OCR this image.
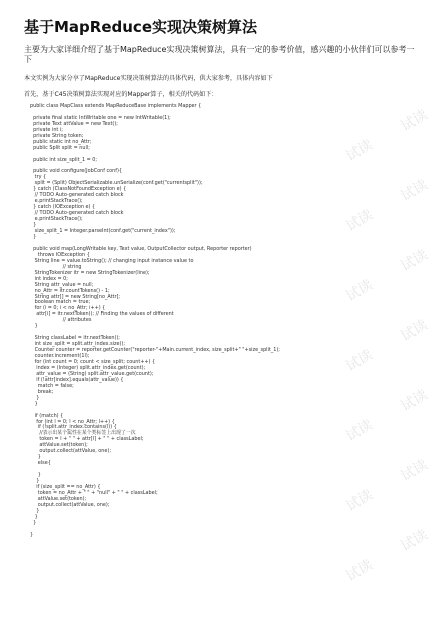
基于MapReduce实现决策树算法
主要为大家详细介绍了基于MapReduce实现决策树算法，具有一定的参考价值，感兴趣的小伙伴们可以参考一下
本文实例为大家分享了MapReduce实现决策树算法的具体代码，供大家参考，具体内容如下
首先，基于C45决策树算法实现对应的Mapper算子，相关的代码如下：
public class MapClass extends MapReduceBase implements Mapper {

private final static IntWritable one = new IntWritable(1);
private Text attValue = new Text();
private int i;
private String token;
public static int no_Attr;
public Split split = null;

public int size_split_1 = 0;

public void configure(JobConf conf){
try {
split = (Split) ObjectSerializable.unSerialize(conf.get("currentsplit"));
} catch (ClassNotFoundException e) {
// TODO Auto-generated catch block
e.printStackTrace();
} catch (IOException e) {
// TODO Auto-generated catch block
e.printStackTrace();
}
size_split_1 = Integer.parseInt(conf.get("current_index"));
}

public void map(LongWritable key, Text value, OutputCollector output, Reporter reporter)
throws IOException {
String line = value.toString(); // changing input instance value to
// string
StringTokenizer itr = new StringTokenizer(line);
int index = 0;
String attr_value = null;
no_Attr = itr.countTokens() - 1;
String attr[] = new String[no_Attr];
boolean match = true;
for (i = 0; i < no_Attr; i++) {
attr[i] = itr.nextToken(); // Finding the values of different
// attributes
}

String classLabel = itr.nextToken();
int size_split = split.attr_index.size();
Counter counter = reporter.getCounter("reporter-"+Main.current_index, size_split+" "+size_split_1);
counter.increment(1l);
for (int count = 0; count < size_split; count++) {
index = (Integer) split.attr_index.get(count);
attr_value = (String) split.attr_value.get(count);
if (!attr[index].equals(attr_value)) {
match = false;
break;
}
}

if (match) {
for (int l = 0; l < no_Attr; l++) {
if (!split.attr_index.contains(l)) {
//表示出某个属性在某个类标签上出现了一次
token = l + " " + attr[l] + " " + classLabel;
attValue.set(token);
output.collect(attValue, one);
}
else{

}
}
if (size_split == no_Attr) {
token = no_Attr + " " + "null" + " " + classLabel;
attValue.set(token);
output.collect(attValue, one);
}
}
}

}
试读
试读
试读
试读
试读
试读
试读
试读
试读
试读
试读
试读
试读
试读
